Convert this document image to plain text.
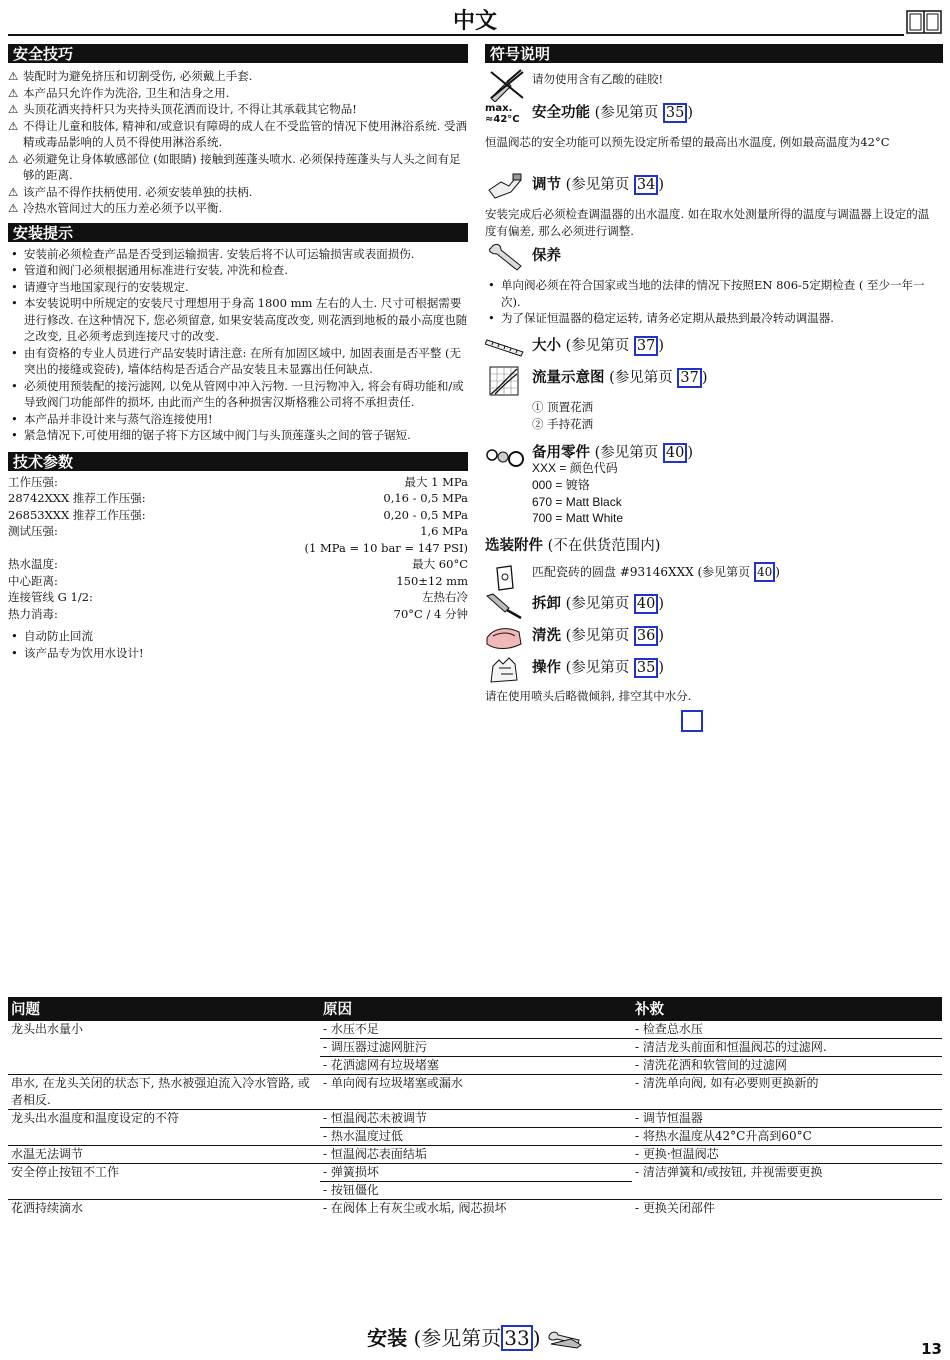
中文
安全技巧
⚠ 装配时为避免挤压和切割受伤, 必须戴上手套.
⚠ 本产品只允许作为洗浴, 卫生和洁身之用.
⚠ 头顶花洒夹持杆只为夹持头顶花洒而设计, 不得让其承载其它物品!
⚠ 不得让儿童和肢体, 精神和/或意识有障碍的成人在不受监管的情况下使用淋浴系统. 受酒精或毒品影响的人员不得使用淋浴系统.
⚠ 必须避免让身体敏感部位 (如眼睛) 接触到莲蓬头喷水. 必须保持莲蓬头与人头之间有足够的距离.
⚠ 该产品不得作扶柄使用. 必须安装单独的扶柄.
⚠ 冷热水管间过大的压力差必须予以平衡.
安装提示
• 安装前必须检查产品是否受到运输损害. 安装后将不认可运输损害或表面损伤.
• 管道和阀门必须根据通用标准进行安装, 冲洗和检查.
• 请遵守当地国家现行的安装规定.
• 本安装说明中所规定的安装尺寸理想用于身高 1800 mm 左右的人士. 尺寸可根据需要进行修改. 在这种情况下, 您必须留意, 如果安装高度改变, 则花洒到地板的最小高度也随之改变, 且必须考虑到连接尺寸的改变.
• 由有资格的专业人员进行产品安装时请注意: 在所有加固区域中, 加固表面是否平整 (无突出的接缝或瓷砖), 墙体结构是否适合产品安装且未显露出任何缺点.
• 必须使用预装配的接污滤网, 以免从管网中冲入污物. 一旦污物冲入, 将会有碍功能和/或导致阀门功能部件的损坏, 由此而产生的各种损害汉斯格雅公司将不承担责任.
• 本产品并非设计来与蒸气浴连接使用!
• 紧急情况下,可使用细的锯子将下方区域中阀门与头顶莲蓬头之间的管子锯短.
技术参数
工作压强:	最大 1 MPa
28742XXX 推荐工作压强:	0,16 - 0,5 MPa
26853XXX 推荐工作压强:	0,20 - 0,5 MPa
测试压强:	1,6 MPa
(1 MPa = 10 bar = 147 PSI)
热水温度:	最大 60°C
中心距离:	150±12 mm
连接管线 G 1/2:	左热右冷
热力消毒:	70°C / 4 分钟
• 自动防止回流
• 该产品专为饮用水设计!
符号说明
请勿使用含有乙酸的硅胶!
max.
≈42°C 安全功能 (参见第页 35 )
恒温阀芯的安全功能可以预先设定所希望的最高出水温度, 例如最高温度为42°C
调节 (参见第页 34 )
安装完成后必须检查调温器的出水温度. 如在取水处测量所得的温度与调温器上设定的温度有偏差, 那么必须进行调整.
保养
• 单向阀必须在符合国家或当地的法律的情况下按照EN 806-5定期检查 ( 至少一年一次).
• 为了保证恒温器的稳定运转, 请务必定期从最热到最冷转动调温器.
大小 (参见第页 37 )
流量示意图 (参见第页 37 )
① 顶置花洒
② 手持花洒
备用零件 (参见第页 40 )
XXX = 颜色代码
000 = 镀铬
670 = Matt Black
700 = Matt White
选装附件 (不在供货范围内)
匹配瓷砖的圆盘 #93146XXX (参见第页 40 )
拆卸 (参见第页 40 )
清洗 (参见第页 36 )
操作 (参见第页 35 )
请在使用喷头后略微倾斜, 排空其中水分.
问题	原因	补救
龙头出水量小	- 水压不足	- 检查总水压
	- 调压器过滤网脏污	- 清洁龙头前面和恒温阀芯的过滤网.
	- 花洒滤网有垃圾堵塞	- 清洗花洒和软管间的过滤网
串水, 在龙头关闭的状态下, 热水被强迫流入冷水管路, 或者相反.	- 单向阀有垃圾堵塞或漏水	- 清洗单向阀, 如有必要则更换新的
龙头出水温度和温度设定的不符	- 恒温阀芯未被调节	- 调节恒温器
	- 热水温度过低	- 将热水温度从42°C升高到60°C
水温无法调节	- 恒温阀芯表面结垢	- 更换·恒温阀芯
安全停止按钮不工作	- 弹簧损坏	- 清洁弹簧和/或按钮, 并视需要更换
	- 按钮僵化	
花洒持续滴水	- 在阀体上有灰尘或水垢, 阀芯损坏	- 更换关闭部件
安装 (参见第页 33 )	13
